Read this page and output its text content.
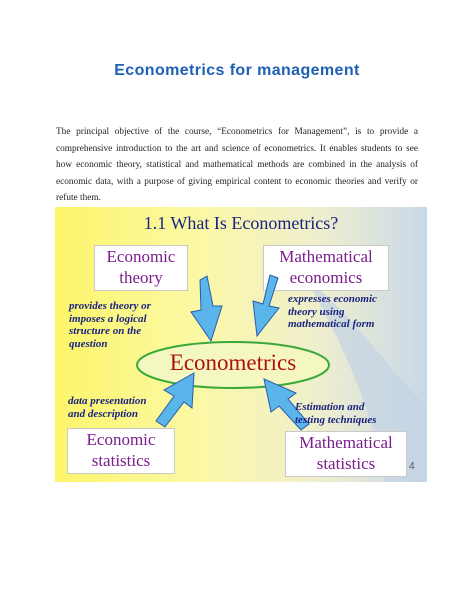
Econometrics for management
The principal objective of the course, “Econometrics for Management”, is to provide a comprehensive introduction to the art and science of econometrics. It enables students to see how economic theory, statistical and mathematical methods are combined in the analysis of economic data, with a purpose of giving empirical content to economic theories and verify or refute them.
1.1 What Is Econometrics?
Economic
theory
Mathematical
economics
Economic
statistics
Mathematical
statistics
Econometrics
provides theory or
imposes a logical
structure on the
question
expresses economic
theory using
mathematical form
data presentation
and description
Estimation and
testing techniques
4
